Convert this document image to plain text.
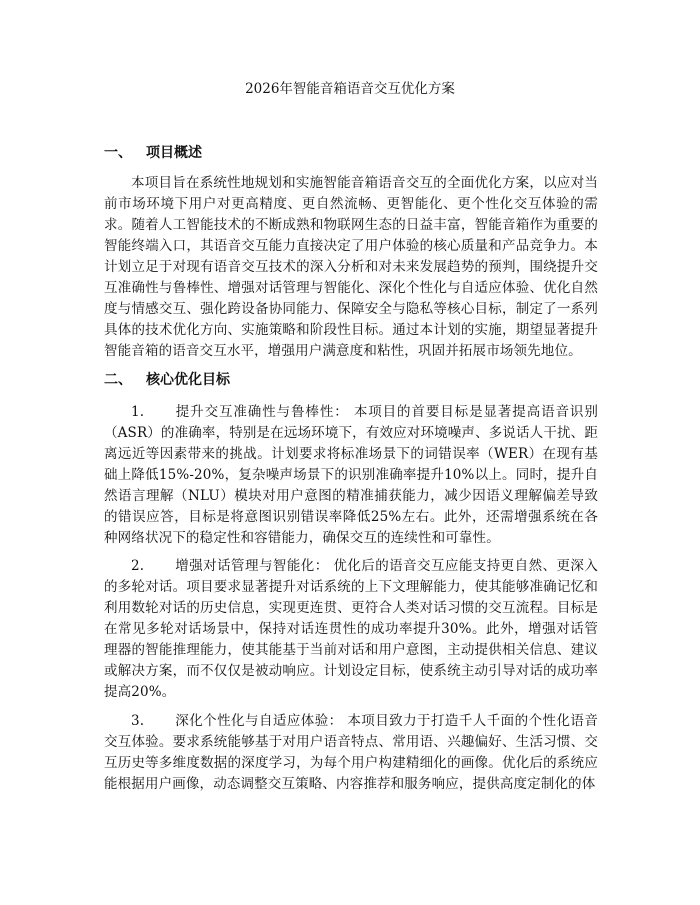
2026年智能音箱语音交互优化方案
一、 项目概述

本项目旨在系统性地规划和实施智能音箱语音交互的全面优化方案，以应对当前市场环境下用户对更高精度、更自然流畅、更智能化、更个性化交互体验的需求。随着人工智能技术的不断成熟和物联网生态的日益丰富，智能音箱作为重要的智能终端入口，其语音交互能力直接决定了用户体验的核心质量和产品竞争力。本计划立足于对现有语音交互技术的深入分析和对未来发展趋势的预判，围绕提升交互准确性与鲁棒性、增强对话管理与智能化、深化个性化与自适应体验、优化自然度与情感交互、强化跨设备协同能力、保障安全与隐私等核心目标，制定了一系列具体的技术优化方向、实施策略和阶段性目标。通过本计划的实施，期望显著提升智能音箱的语音交互水平，增强用户满意度和粘性，巩固并拓展市场领先地位。

二、 核心优化目标

1. 提升交互准确性与鲁棒性： 本项目的首要目标是显著提高语音识别（ASR）的准确率，特别是在远场环境下，有效应对环境噪声、多说话人干扰、距离远近等因素带来的挑战。计划要求将标准场景下的词错误率（WER）在现有基础上降低15%-20%，复杂噪声场景下的识别准确率提升10%以上。同时，提升自然语言理解（NLU）模块对用户意图的精准捕获能力，减少因语义理解偏差导致的错误应答，目标是将意图识别错误率降低25%左右。此外，还需增强系统在各种网络状况下的稳定性和容错能力，确保交互的连续性和可靠性。

2. 增强对话管理与智能化： 优化后的语音交互应能支持更自然、更深入的多轮对话。项目要求显著提升对话系统的上下文理解能力，使其能够准确记忆和利用数轮对话的历史信息，实现更连贯、更符合人类对话习惯的交互流程。目标是在常见多轮对话场景中，保持对话连贯性的成功率提升30%。此外，增强对话管理器的智能推理能力，使其能基于当前对话和用户意图，主动提供相关信息、建议或解决方案，而不仅仅是被动响应。计划设定目标，使系统主动引导对话的成功率提高20%。

3. 深化个性化与自适应体验： 本项目致力于打造千人千面的个性化语音交互体验。要求系统能够基于对用户语音特点、常用语、兴趣偏好、生活习惯、交互历史等多维度数据的深度学习，为每个用户构建精细化的画像。优化后的系统应能根据用户画像，动态调整交互策略、内容推荐和服务响应，提供高度定制化的体
